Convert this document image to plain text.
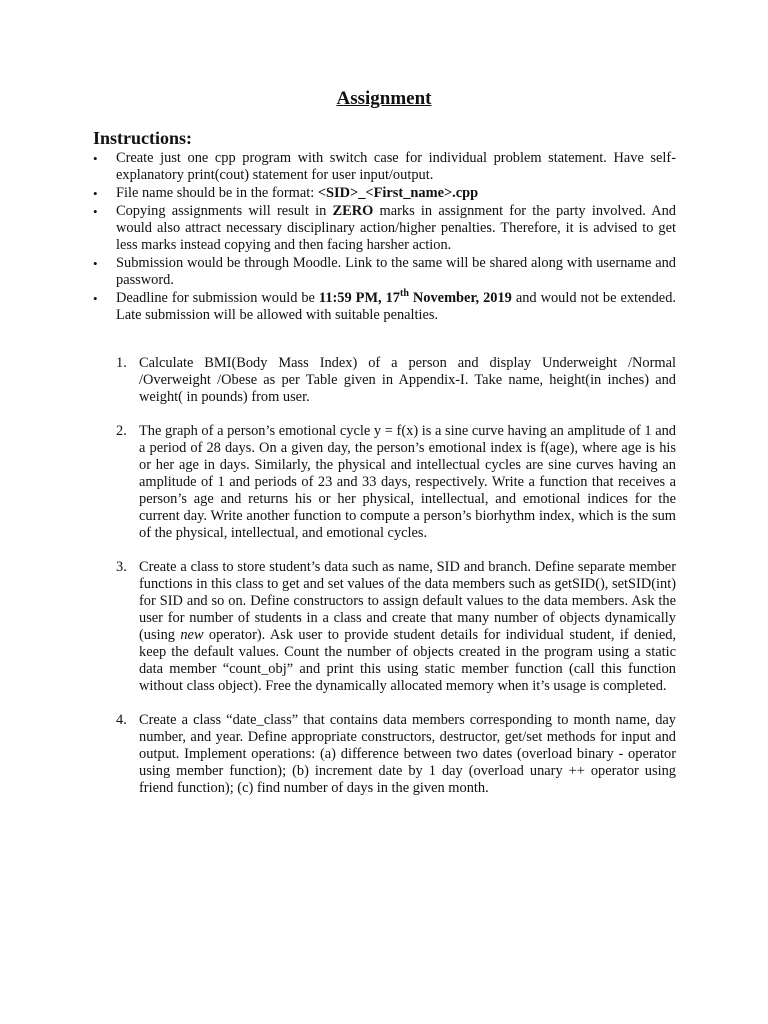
Assignment
Instructions:
• Create just one cpp program with switch case for individual problem statement. Have self-explanatory print(cout) statement for user input/output.
• File name should be in the format: <SID>_<First_name>.cpp
• Copying assignments will result in ZERO marks in assignment for the party involved. And would also attract necessary disciplinary action/higher penalties. Therefore, it is advised to get less marks instead copying and then facing harsher action.
• Submission would be through Moodle. Link to the same will be shared along with username and password.
• Deadline for submission would be 11:59 PM, 17th November, 2019 and would not be extended. Late submission will be allowed with suitable penalties.
1. Calculate BMI(Body Mass Index) of a person and display Underweight /Normal /Overweight /Obese as per Table given in Appendix-I. Take name, height(in inches) and weight( in pounds) from user.
2. The graph of a person’s emotional cycle y = f(x) is a sine curve having an amplitude of 1 and a period of 28 days. On a given day, the person’s emotional index is f(age), where age is his or her age in days. Similarly, the physical and intellectual cycles are sine curves having an amplitude of 1 and periods of 23 and 33 days, respectively. Write a function that receives a person’s age and returns his or her physical, intellectual, and emotional indices for the current day. Write another function to compute a person’s biorhythm index, which is the sum of the physical, intellectual, and emotional cycles.
3. Create a class to store student’s data such as name, SID and branch. Define separate member functions in this class to get and set values of the data members such as getSID(), setSID(int) for SID and so on. Define constructors to assign default values to the data members. Ask the user for number of students in a class and create that many number of objects dynamically (using new operator). Ask user to provide student details for individual student, if denied, keep the default values. Count the number of objects created in the program using a static data member “count_obj” and print this using static member function (call this function without class object). Free the dynamically allocated memory when it’s usage is completed.
4. Create a class “date_class” that contains data members corresponding to month name, day number, and year. Define appropriate constructors, destructor, get/set methods for input and output. Implement operations: (a) difference between two dates (overload binary - operator using member function); (b) increment date by 1 day (overload unary ++ operator using friend function); (c) find number of days in the given month.
